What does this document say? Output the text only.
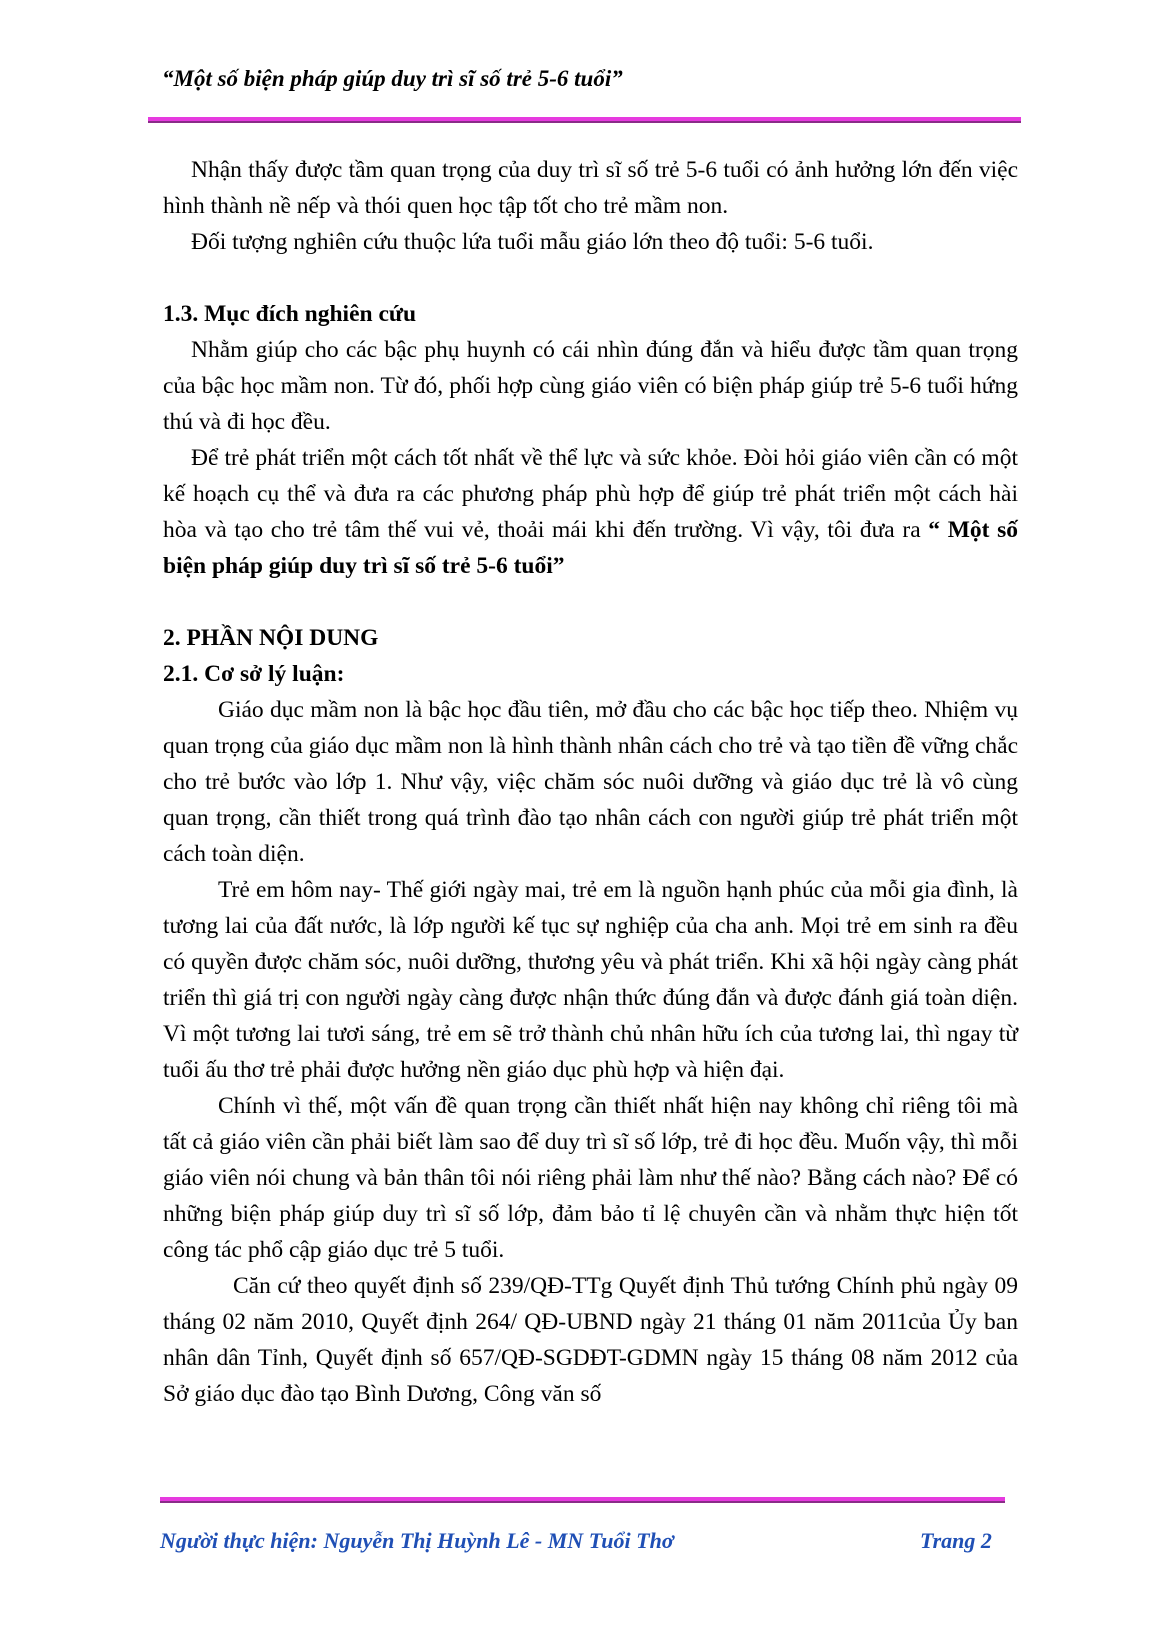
“Một số biện pháp giúp duy trì sĩ số trẻ 5-6 tuổi”

Nhận thấy được tầm quan trọng của duy trì sĩ số trẻ 5-6 tuổi có ảnh hưởng lớn đến việc hình thành nề nếp và thói quen học tập tốt cho trẻ mầm non.

Đối tượng nghiên cứu thuộc lứa tuổi mẫu giáo lớn theo độ tuổi: 5-6 tuổi.

1.3. Mục đích nghiên cứu

Nhằm giúp cho các bậc phụ huynh có cái nhìn đúng đắn và hiểu được tầm quan trọng của bậc học mầm non. Từ đó, phối hợp cùng giáo viên có biện pháp giúp trẻ 5-6 tuổi hứng thú và đi học đều.

Để trẻ phát triển một cách tốt nhất về thể lực và sức khỏe. Đòi hỏi giáo viên cần có một kế hoạch cụ thể và đưa ra các phương pháp phù hợp để giúp trẻ phát triển một cách hài hòa và tạo cho trẻ tâm thế vui vẻ, thoải mái khi đến trường. Vì vậy, tôi đưa ra “ Một số biện pháp giúp duy trì sĩ số trẻ 5-6 tuổi”

2. PHẦN NỘI DUNG
2.1. Cơ sở lý luận:

Giáo dục mầm non là bậc học đầu tiên, mở đầu cho các bậc học tiếp theo. Nhiệm vụ quan trọng của giáo dục mầm non là hình thành nhân cách cho trẻ và tạo tiền đề vững chắc cho trẻ bước vào lớp 1. Như vậy, việc chăm sóc nuôi dưỡng và giáo dục trẻ là vô cùng quan trọng, cần thiết trong quá trình đào tạo nhân cách con người giúp trẻ phát triển một cách toàn diện.

Trẻ em hôm nay- Thế giới ngày mai, trẻ em là nguồn hạnh phúc của mỗi gia đình, là tương lai của đất nước, là lớp người kế tục sự nghiệp của cha anh. Mọi trẻ em sinh ra đều có quyền được chăm sóc, nuôi dưỡng, thương yêu và phát triển. Khi xã hội ngày càng phát triển thì giá trị con người ngày càng được nhận thức đúng đắn và được đánh giá toàn diện. Vì một tương lai tươi sáng, trẻ em sẽ trở thành chủ nhân hữu ích của tương lai, thì ngay từ tuổi ấu thơ trẻ phải được hưởng nền giáo dục phù hợp và hiện đại.

Chính vì thế, một vấn đề quan trọng cần thiết nhất hiện nay không chỉ riêng tôi mà tất cả giáo viên cần phải biết làm sao để duy trì sĩ số lớp, trẻ đi học đều. Muốn vậy, thì mỗi giáo viên nói chung và bản thân tôi nói riêng phải làm như thế nào? Bằng cách nào? Để có những biện pháp giúp duy trì sĩ số lớp, đảm bảo tỉ lệ chuyên cần và nhằm thực hiện tốt công tác phổ cập giáo dục trẻ 5 tuổi.

Căn cứ theo quyết định số 239/QĐ-TTg Quyết định Thủ tướng Chính phủ ngày 09 tháng 02 năm 2010, Quyết định 264/ QĐ-UBND ngày 21 tháng 01 năm 2011của Ủy ban nhân dân Tỉnh, Quyết định số 657/QĐ-SGDĐT-GDMN ngày 15 tháng 08 năm 2012 của Sở giáo dục đào tạo Bình Dương, Công văn số

Người thực hiện: Nguyễn Thị Huỳnh Lê - MN Tuổi Thơ	Trang 2
